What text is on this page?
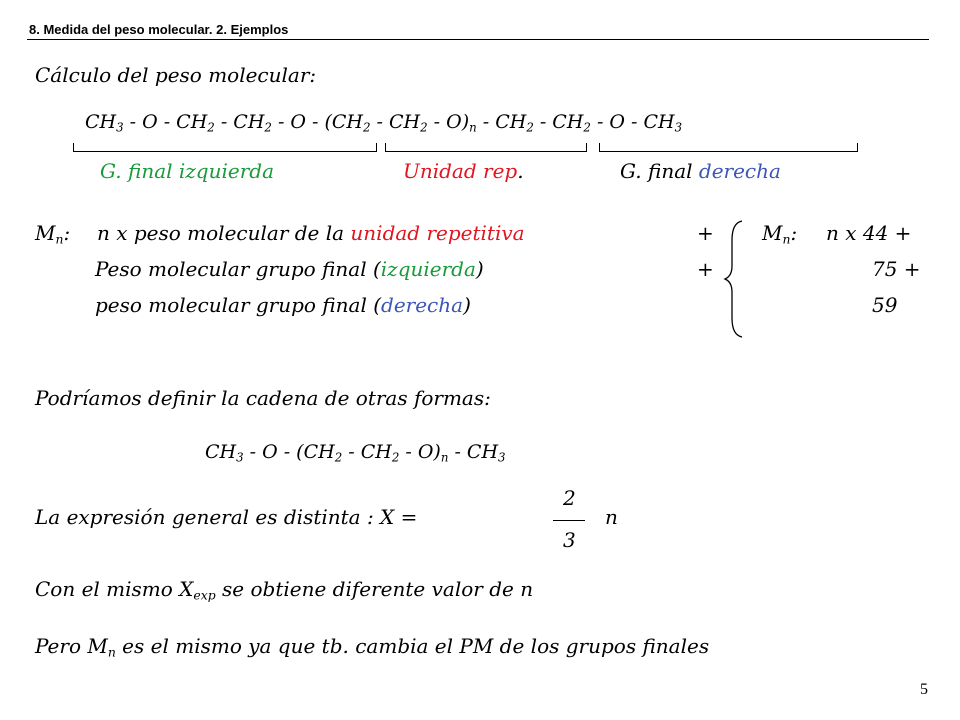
8. Medida del peso molecular. 2. Ejemplos
Cálculo del peso molecular:
$CH_3$ - O - $CH_2 - CH_2$ - O - $(CH_2 - CH_2 - O)_n - CH_2 - CH_2$ - O - $CH_3$
G. final izquierda	Unidad rep.	G. final derecha
$M_n$: n x peso molecular de la unidad repetitiva	+
Peso molecular grupo final (izquierda)	+
peso molecular grupo final (derecha)
$M_n$: n x 44 +
75 +
59
Podríamos definir la cadena de otras formas:
$CH_3$ - O - $(CH_2 - CH_2 - O)_n - CH_3$
La expresión general es distinta : X =
2
3
n
Con el mismo $X_{exp}$ se obtiene diferente valor de n
Pero $M_n$ es el mismo ya que tb. cambia el PM de los grupos finales
5
